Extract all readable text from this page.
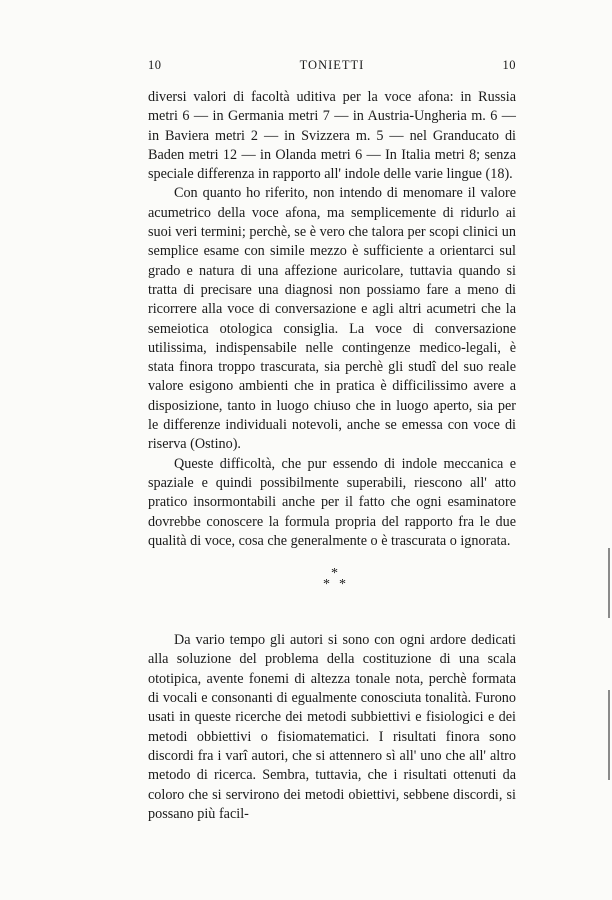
10	TONIETTI	10

diversi valori di facoltà uditiva per la voce afona: in Russia metri 6 — in Germania metri 7 — in Austria-Ungheria m. 6 — in Baviera metri 2 — in Svizzera m. 5 — nel Granducato di Baden metri 12 — in Olanda metri 6 — In Italia metri 8; senza speciale differenza in rapporto all' indole delle varie lingue (18).

Con quanto ho riferito, non intendo di menomare il valore acumetrico della voce afona, ma semplicemente di ridurlo ai suoi veri termini; perchè, se è vero che talora per scopi clinici un semplice esame con simile mezzo è sufficiente a orientarci sul grado e natura di una affezione auricolare, tuttavia quando si tratta di precisare una diagnosi non possiamo fare a meno di ricorrere alla voce di conversazione e agli altri acumetri che la semeiotica otologica consiglia. La voce di conversazione utilissima, indispensabile nelle contingenze medico-legali, è stata finora troppo trascurata, sia perchè gli studî del suo reale valore esigono ambienti che in pratica è difficilissimo avere a disposizione, tanto in luogo chiuso che in luogo aperto, sia per le differenze individuali notevoli, anche se emessa con voce di riserva (Ostino).

Queste difficoltà, che pur essendo di indole meccanica e spaziale e quindi possibilmente superabili, riescono all' atto pratico insormontabili anche per il fatto che ogni esaminatore dovrebbe conoscere la formula propria del rapporto fra le due qualità di voce, cosa che generalmente o è trascurata o ignorata.

*
* *

Da vario tempo gli autori si sono con ogni ardore dedicati alla soluzione del problema della costituzione di una scala ototipica, avente fonemi di altezza tonale nota, perchè formata di vocali e consonanti di egualmente conosciuta tonalità. Furono usati in queste ricerche dei metodi subbiettivi e fisiologici e dei metodi obbiettivi o fisiomatematici. I risultati finora sono discordi fra i varî autori, che si attennero sì all' uno che all' altro metodo di ricerca. Sembra, tuttavia, che i risultati ottenuti da coloro che si servirono dei metodi obiettivi, sebbene discordi, si possano più facil-
